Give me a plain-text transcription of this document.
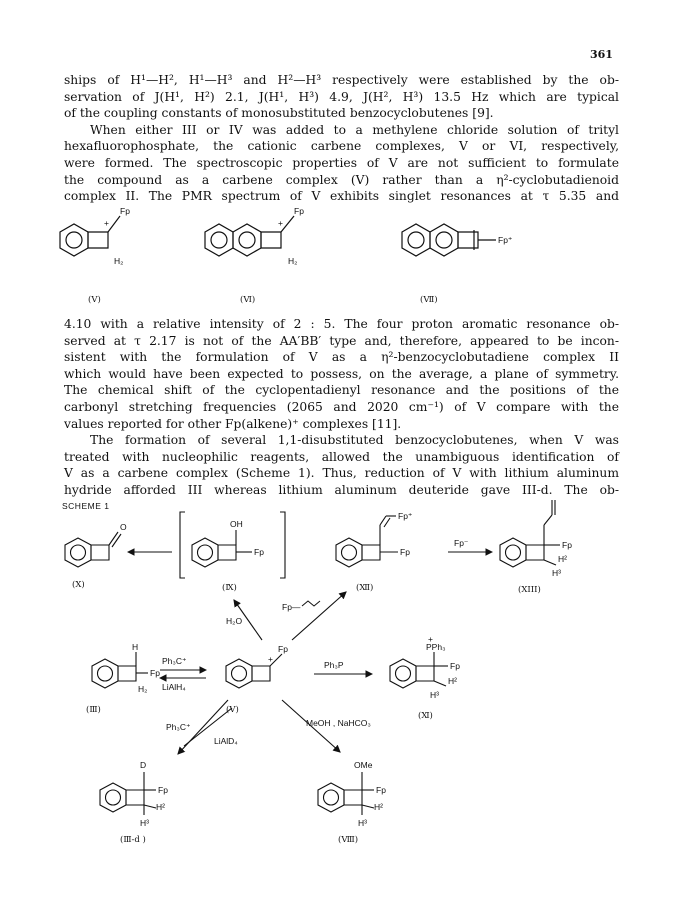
361
ships of H¹—H², H¹—H³ and H²—H³ respectively were established by the ob-
servation of J(H¹, H²) 2.1, J(H¹, H³) 4.9, J(H², H³) 13.5 Hz which are typical
of the coupling constants of monosubstituted benzocyclobutenes [9].
When either III or IV was added to a methylene chloride solution of trityl
hexafluorophosphate, the cationic carbene complexes, V or VI, respectively,
were formed. The spectroscopic properties of V are not sufficient to formulate
the compound as a carbene complex (V) rather than a η²-cyclobutadienoid
complex II. The PMR spectrum of V exhibits singlet resonances at τ 5.35 and
Fp
+
H₂
Fp
+
H₂
Fp⁺
(Ⅴ)	(Ⅵ)	(Ⅶ)
4.10 with a relative intensity of 2 : 5. The four proton aromatic resonance ob-
served at τ 2.17 is not of the AA′BB′ type and, therefore, appeared to be incon-
sistent with the formulation of V as a η²-benzocyclobutadiene complex II
which would have been expected to possess, on the average, a plane of symmetry.
The chemical shift of the cyclopentadienyl resonance and the positions of the
carbonyl stretching frequencies (2065 and 2020 cm⁻¹) of V compare with the
values reported for other Fp(alkene)⁺ complexes [11].
The formation of several 1,1-disubstituted benzocyclobutenes, when V was
treated with nucleophilic reagents, allowed the unambiguous identification of
V as a carbene complex (Scheme 1). Thus, reduction of V with lithium aluminum
hydride afforded III whereas lithium aluminum deuteride gave III-d. The ob-
SCHEME 1
O	OH
Fp
Fp⁺
Fp
Fp⁻	Fp
H²
H³
(Ⅹ)	(Ⅸ)	(Ⅻ)	(XIII)
H₂O
Fp—
H
Fp
H₂
Ph₃C⁺
LiAlH₄
Fp
+
Ph₃P
+
PPh₃
Fp
H²
H³
(Ⅲ)	(Ⅴ)
(Ⅺ)
Ph₃C⁺
LiAlD₄
MeOH , NaHCO₃
D
Fp
H²
H³
OMe
Fp
H²
H³
(Ⅲ-d )	(Ⅷ)
